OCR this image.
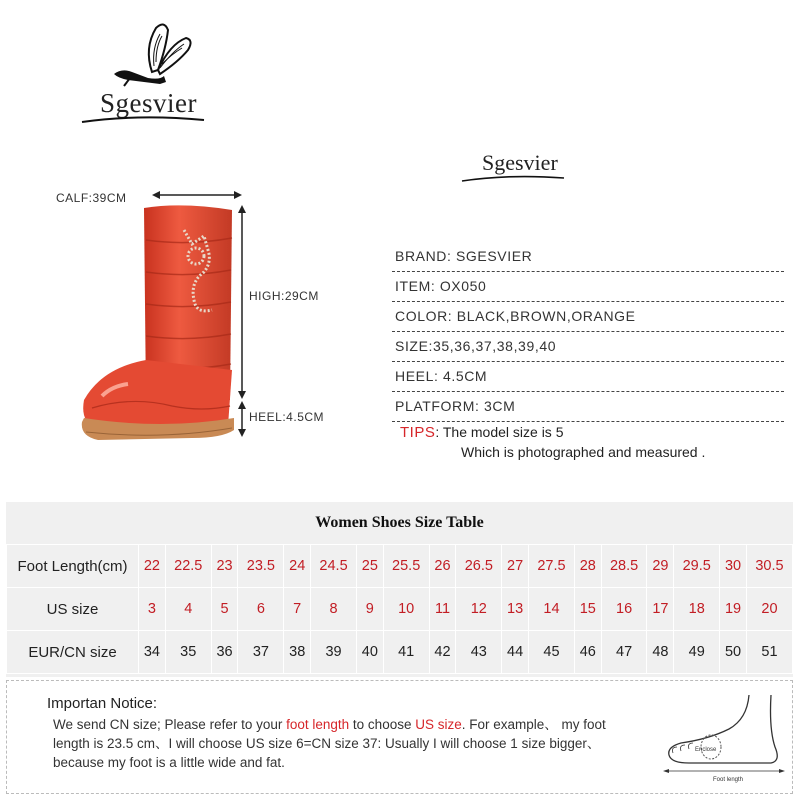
Sgesvier
Sgesvier
CALF:39CM
HIGH:29CM
HEEL:4.5CM
BRAND: SGESVIER
ITEM: OX050
COLOR: BLACK,BROWN,ORANGE
SIZE:35,36,37,38,39,40
HEEL: 4.5CM
PLATFORM: 3CM
TIPS: The model size is 5
Which is photographed and measured .
Women Shoes Size Table
Foot Length(cm)	22	22.5	23	23.5	24	24.5	25	25.5	26	26.5	27	27.5	28	28.5	29	29.5	30	30.5
US size	3	4	5	6	7	8	9	10	11	12	13	14	15	16	17	18	19	20
EUR/CN size	34	35	36	37	38	39	40	41	42	43	44	45	46	47	48	49	50	51
Importan Notice:
We send CN size; Please refer to your foot length to choose US size. For example、 my foot length is 23.5 cm、I will choose US size 6=CN size 37: Usually I will choose 1 size bigger、because my foot is a little wide and fat.
Enclose
Foot length
